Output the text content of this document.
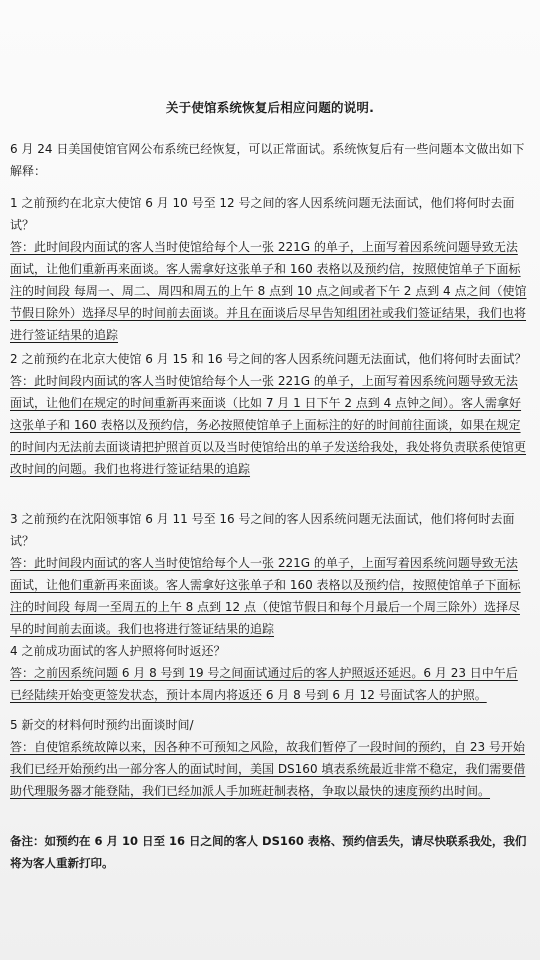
关于使馆系统恢复后相应问题的说明.
6 月 24 日美国使馆官网公布系统已经恢复，可以正常面试。系统恢复后有一些问题本文做出如下解释：

1 之前预约在北京大使馆 6 月 10 号至 12 号之间的客人因系统问题无法面试，他们将何时去面试？

答：此时间段内面试的客人当时使馆给每个人一张 221G 的单子，上面写着因系统问题导致无法面试，让他们重新再来面谈。客人需拿好这张单子和 160 表格以及预约信，按照使馆单子下面标注的时间段 每周一、周二、周四和周五的上午 8 点到 10 点之间或者下午 2 点到 4 点之间（使馆节假日除外）选择尽早的时间前去面谈。并且在面谈后尽早告知组团社或我们签证结果，我们也将进行签证结果的追踪

2 之前预约在北京大使馆 6 月 15 和 16 号之间的客人因系统问题无法面试，他们将何时去面试？

答：此时间段内面试的客人当时使馆给每个人一张 221G 的单子，上面写着因系统问题导致无法面试，让他们在规定的时间重新再来面谈（比如 7 月 1 日下午 2 点到 4 点钟之间）。客人需拿好这张单子和 160 表格以及预约信，务必按照使馆单子上面标注的好的时间前往面谈，如果在规定的时间内无法前去面谈请把护照首页以及当时使馆给出的单子发送给我处，我处将负责联系使馆更改时间的问题。我们也将进行签证结果的追踪

3 之前预约在沈阳领事馆 6 月 11 号至 16 号之间的客人因系统问题无法面试，他们将何时去面试？

答：此时间段内面试的客人当时使馆给每个人一张 221G 的单子，上面写着因系统问题导致无法面试，让他们重新再来面谈。客人需拿好这张单子和 160 表格以及预约信，按照使馆单子下面标注的时间段 每周一至周五的上午 8 点到 12 点（使馆节假日和每个月最后一个周三除外）选择尽早的时间前去面谈。我们也将进行签证结果的追踪

4 之前成功面试的客人护照将何时返还？

答：之前因系统问题 6 月 8 号到 19 号之间面试通过后的客人护照返还延迟。6 月 23 日中午后已经陆续开始变更签发状态，预计本周内将返还 6 月 8 号到 6 月 12 号面试客人的护照。

5 新交的材料何时预约出面谈时间/

答：自使馆系统故障以来，因各种不可预知之风险，故我们暂停了一段时间的预约，自 23 号开始我们已经开始预约出一部分客人的面试时间，美国 DS160 填表系统最近非常不稳定，我们需要借助代理服务器才能登陆，我们已经加派人手加班赶制表格，争取以最快的速度预约出时间。

备注：如预约在 6 月 10 日至 16 日之间的客人 DS160 表格、预约信丢失，请尽快联系我处，我们将为客人重新打印。
